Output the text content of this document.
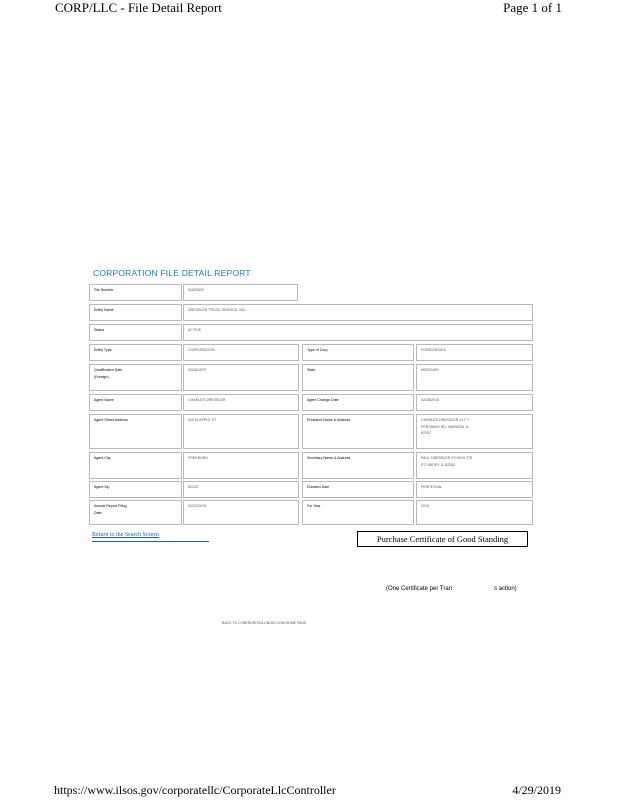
CORP/LLC - File Detail Report	Page 1 of 1
CORPORATION FILE DETAIL REPORT
File Number	51652597
Entity Name	DRESSLER TRUCK SERVICE, INC.
Status	ACTIVE
Entity Type	CORPORATION	Type of Corp	FOREIGN BCA
Qualification Date
(Foreign)
02/26/1979	State	MISSOURI
Agent Name	CHARLES DRESSLER	Agent Change Date	02/28/2018
Agent Street Address	419 W APPLE ST	President Name & Address	CHARLES DRESSLER 417 **
PERSHING RD. MARISSA, IL
62257
Agent City	FREEBURG	Secretary Name & Address	PAUL DRESSLER PO BOX 375
ST LIBORY, IL 62282
Agent Zip	62243	Duration Date	PERPETUAL
Annual Report Filing
Date
01/31/2019	For Year	2019
Return to the Search Screen	Purchase Certificate of Good Standing
(One Certificate per Tran	s action)
BACK TO CYBERDRIVEILLINOIS.COM HOME PAGE
https://www.ilsos.gov/corporatellc/CorporateLlcController	4/29/2019
